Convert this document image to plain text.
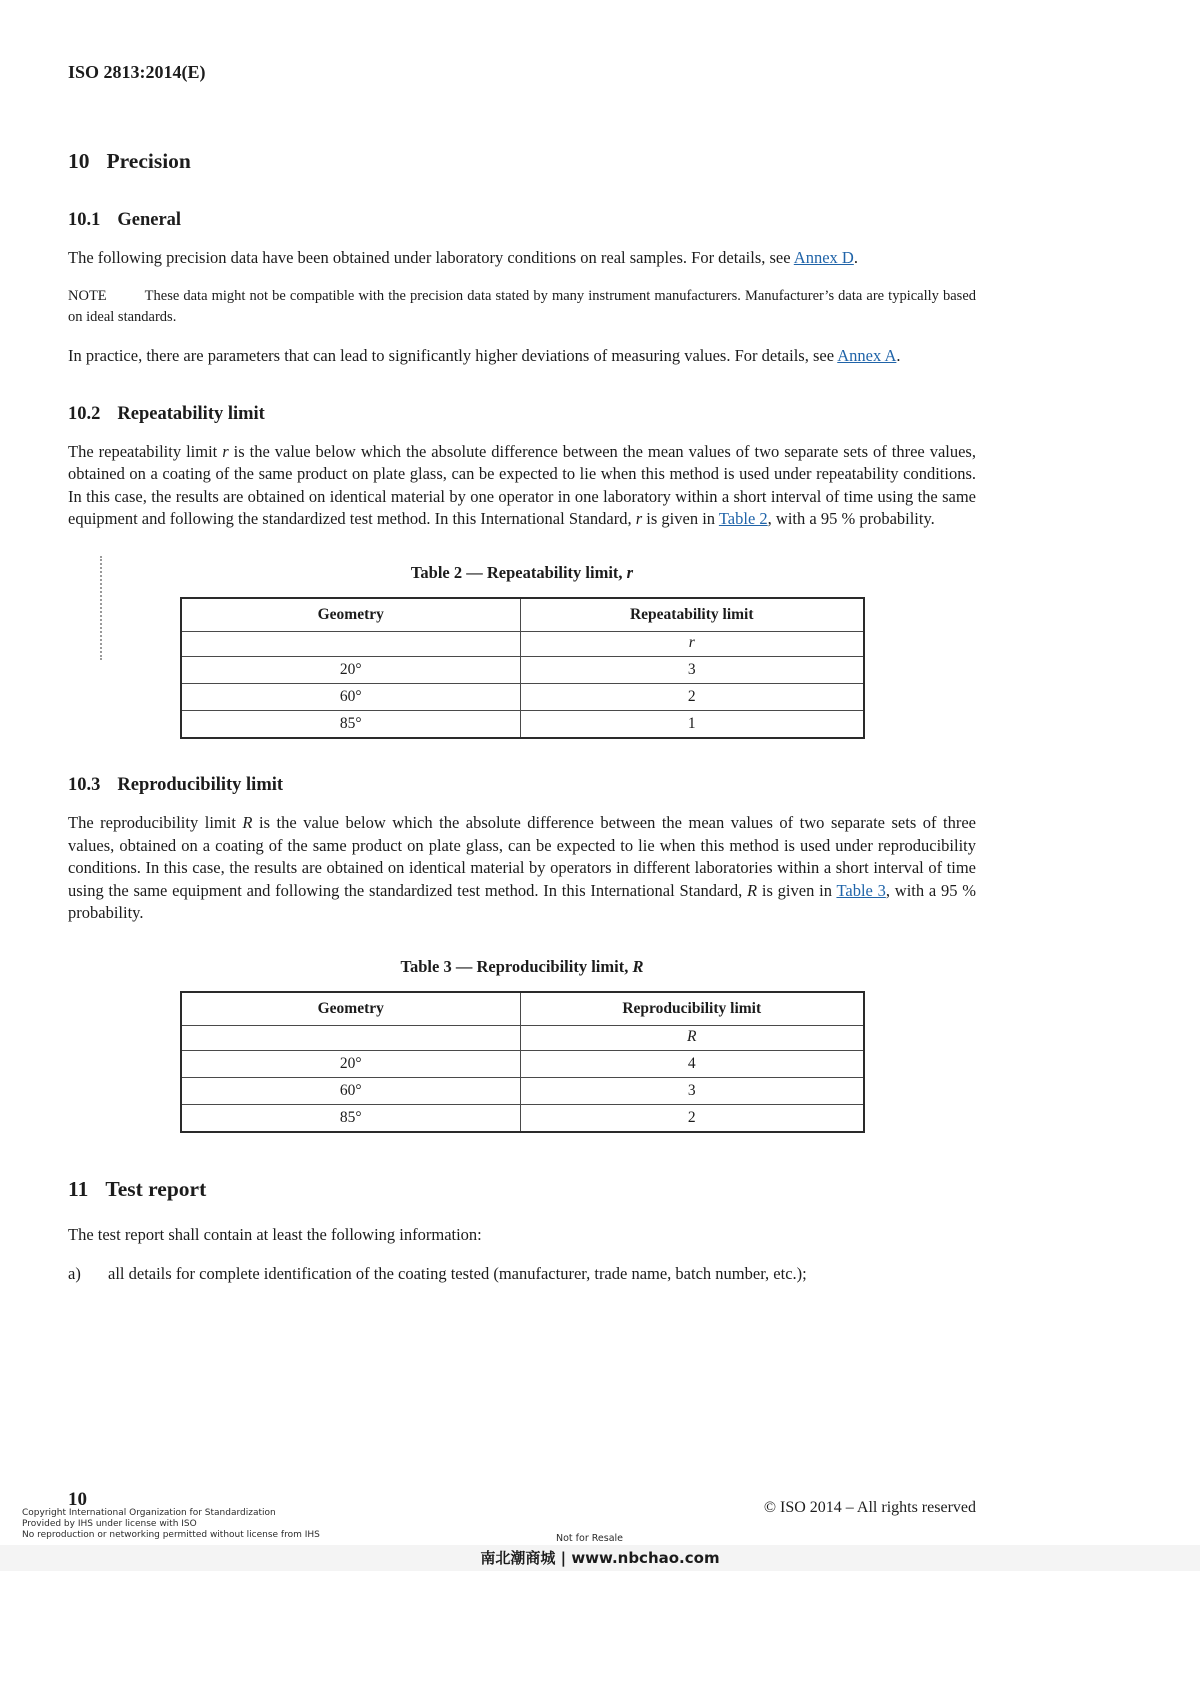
ISO 2813:2014(E)
10 Precision
10.1 General

The following precision data have been obtained under laboratory conditions on real samples. For details, see Annex D.

NOTE	These data might not be compatible with the precision data stated by many instrument manufacturers. Manufacturer’s data are typically based on ideal standards.

In practice, there are parameters that can lead to significantly higher deviations of measuring values. For details, see Annex A.

10.2 Repeatability limit

The repeatability limit r is the value below which the absolute difference between the mean values of two separate sets of three values, obtained on a coating of the same product on plate glass, can be expected to lie when this method is used under repeatability conditions. In this case, the results are obtained on identical material by one operator in one laboratory within a short interval of time using the same equipment and following the standardized test method. In this International Standard, r is given in Table 2, with a 95 % probability.

Table 2 — Repeatability limit, r
Geometry	Repeatability limit
	r
20°	3
60°	2
85°	1
10.3 Reproducibility limit

The reproducibility limit R is the value below which the absolute difference between the mean values of two separate sets of three values, obtained on a coating of the same product on plate glass, can be expected to lie when this method is used under reproducibility conditions. In this case, the results are obtained on identical material by operators in different laboratories within a short interval of time using the same equipment and following the standardized test method. In this International Standard, R is given in Table 3, with a 95 % probability.

Table 3 — Reproducibility limit, R
Geometry	Reproducibility limit
	R
20°	4
60°	3
85°	2
11 Test report

The test report shall contain at least the following information:

a)	all details for complete identification of the coating tested (manufacturer, trade name, batch number, etc.);
10	© ISO 2014 – All rights reserved
Copyright International Organization for Standardization
Provided by IHS under license with ISO
No reproduction or networking permitted without license from IHS	Not for Resale
南北潮商城 | www.nbchao.com
